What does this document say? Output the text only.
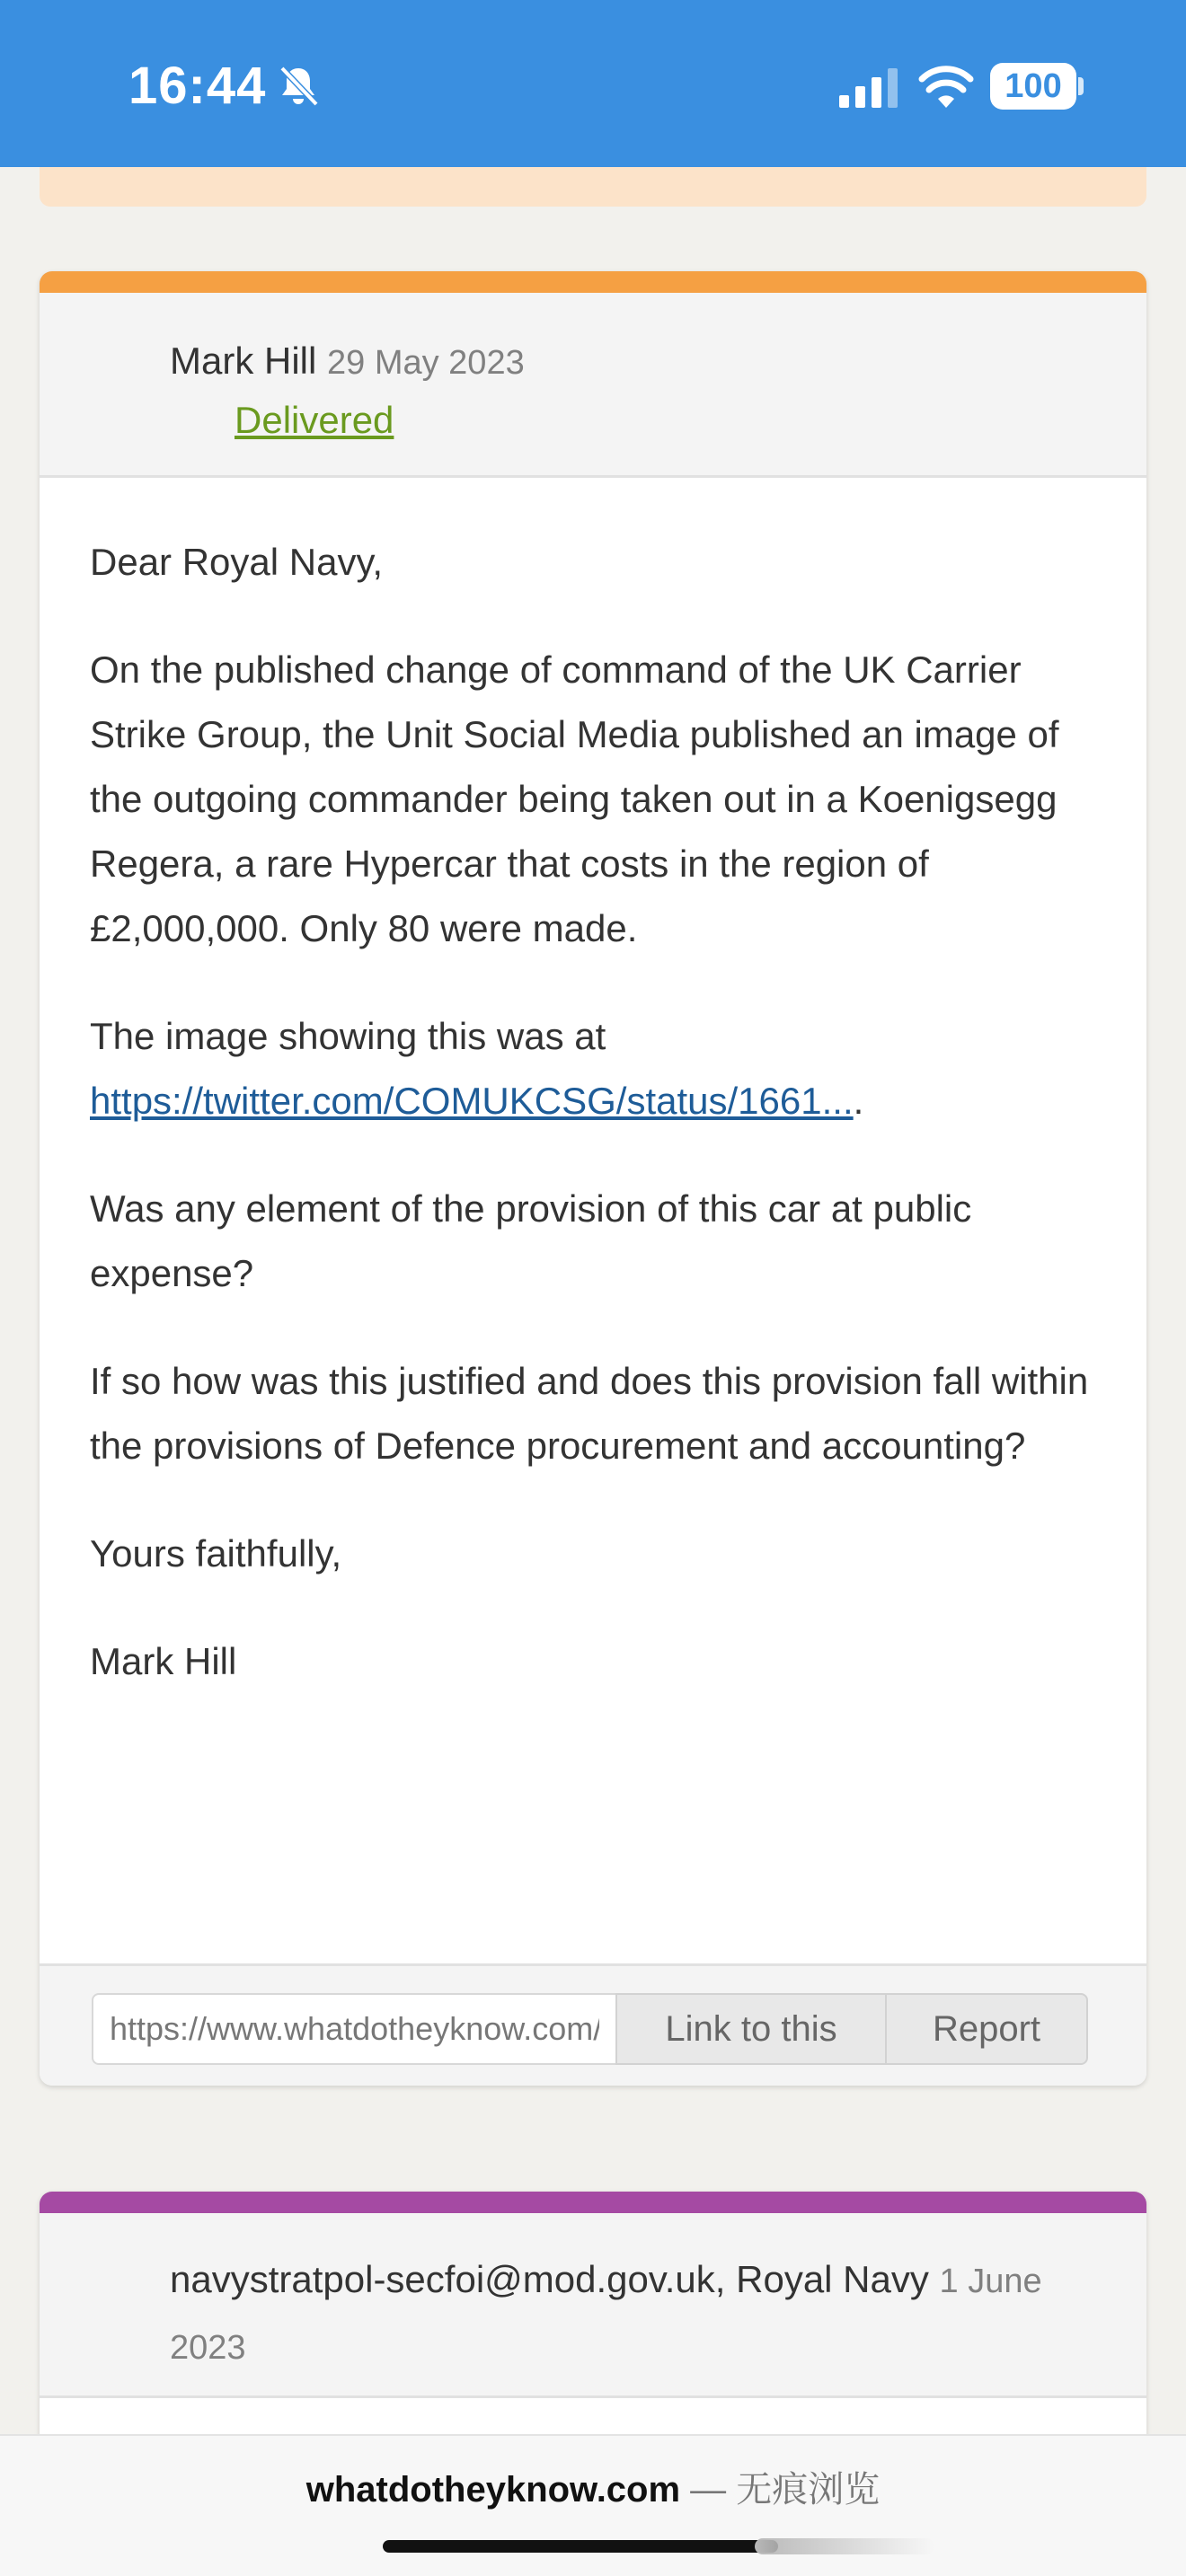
16:44	100
Mark Hill 29 May 2023
Delivered

Dear Royal Navy,

On the published change of command of the UK Carrier Strike Group, the Unit Social Media published an image of the outgoing commander being taken out in a Koenigsegg Regera, a rare Hypercar that costs in the region of £2,000,000. Only 80 were made.

The image showing this was at
https://twitter.com/COMUKCSG/status/1661....

Was any element of the provision of this car at public expense?

If so how was this justified and does this provision fall within the provisions of Defence procurement and accounting?

Yours faithfully,

Mark Hill

https://www.whatdotheyknow.com/request/koenigsegg_regera
Link to this	Report
navystratpol-secfoi@mod.gov.uk, Royal Navy 1 June 2023
whatdotheyknow.com — 无痕浏览
